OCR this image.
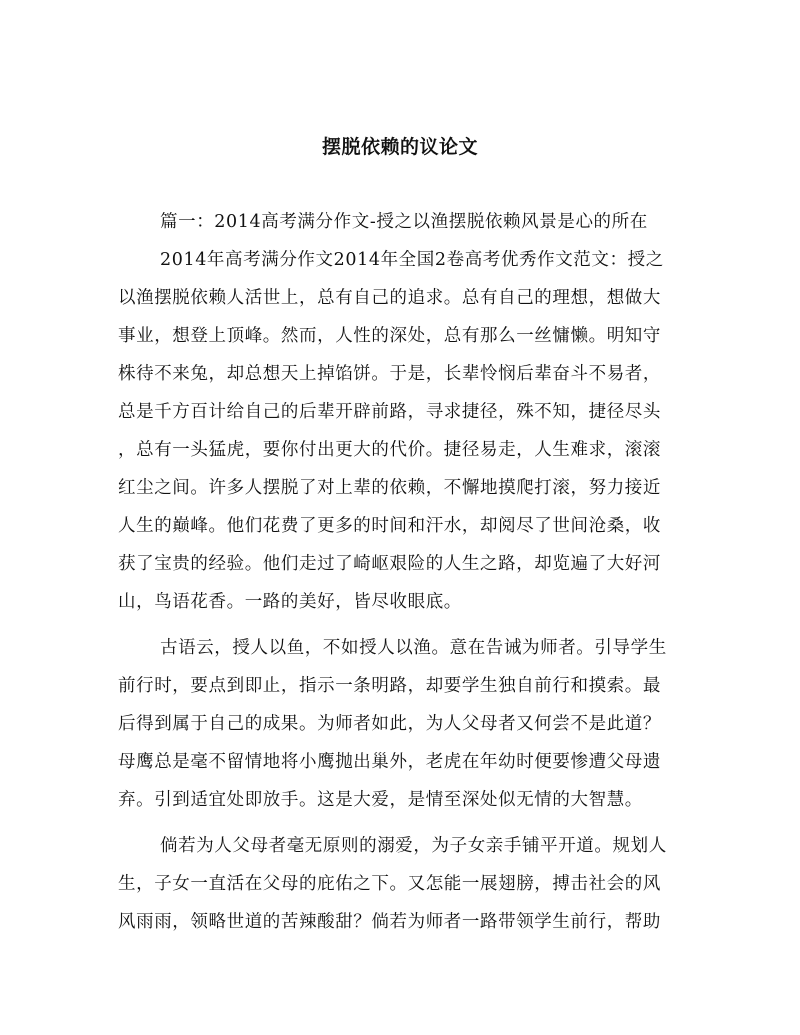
摆脱依赖的议论文
篇一：2014高考满分作文-授之以渔摆脱依赖风景是心的所在
2014年高考满分作文2014年全国2卷高考优秀作文范文：授之
以渔摆脱依赖人活世上，总有自己的追求。总有自己的理想，想做大
事业，想登上顶峰。然而，人性的深处，总有那么一丝慵懒。明知守
株待不来兔，却总想天上掉馅饼。于是，长辈怜悯后辈奋斗不易者，
总是千方百计给自己的后辈开辟前路，寻求捷径，殊不知，捷径尽头
，总有一头猛虎，要你付出更大的代价。捷径易走，人生难求，滚滚
红尘之间。许多人摆脱了对上辈的依赖，不懈地摸爬打滚，努力接近
人生的巅峰。他们花费了更多的时间和汗水，却阅尽了世间沧桑，收
获了宝贵的经验。他们走过了崎岖艰险的人生之路，却览遍了大好河
山，鸟语花香。一路的美好，皆尽收眼底。
古语云，授人以鱼，不如授人以渔。意在告诫为师者。引导学生
前行时，要点到即止，指示一条明路，却要学生独自前行和摸索。最
后得到属于自己的成果。为师者如此，为人父母者又何尝不是此道？
母鹰总是毫不留情地将小鹰抛出巢外，老虎在年幼时便要惨遭父母遗
弃。引到适宜处即放手。这是大爱，是情至深处似无情的大智慧。
倘若为人父母者毫无原则的溺爱，为子女亲手铺平开道。规划人
生，子女一直活在父母的庇佑之下。又怎能一展翅膀，搏击社会的风
风雨雨，领略世道的苦辣酸甜？倘若为师者一路带领学生前行，帮助
